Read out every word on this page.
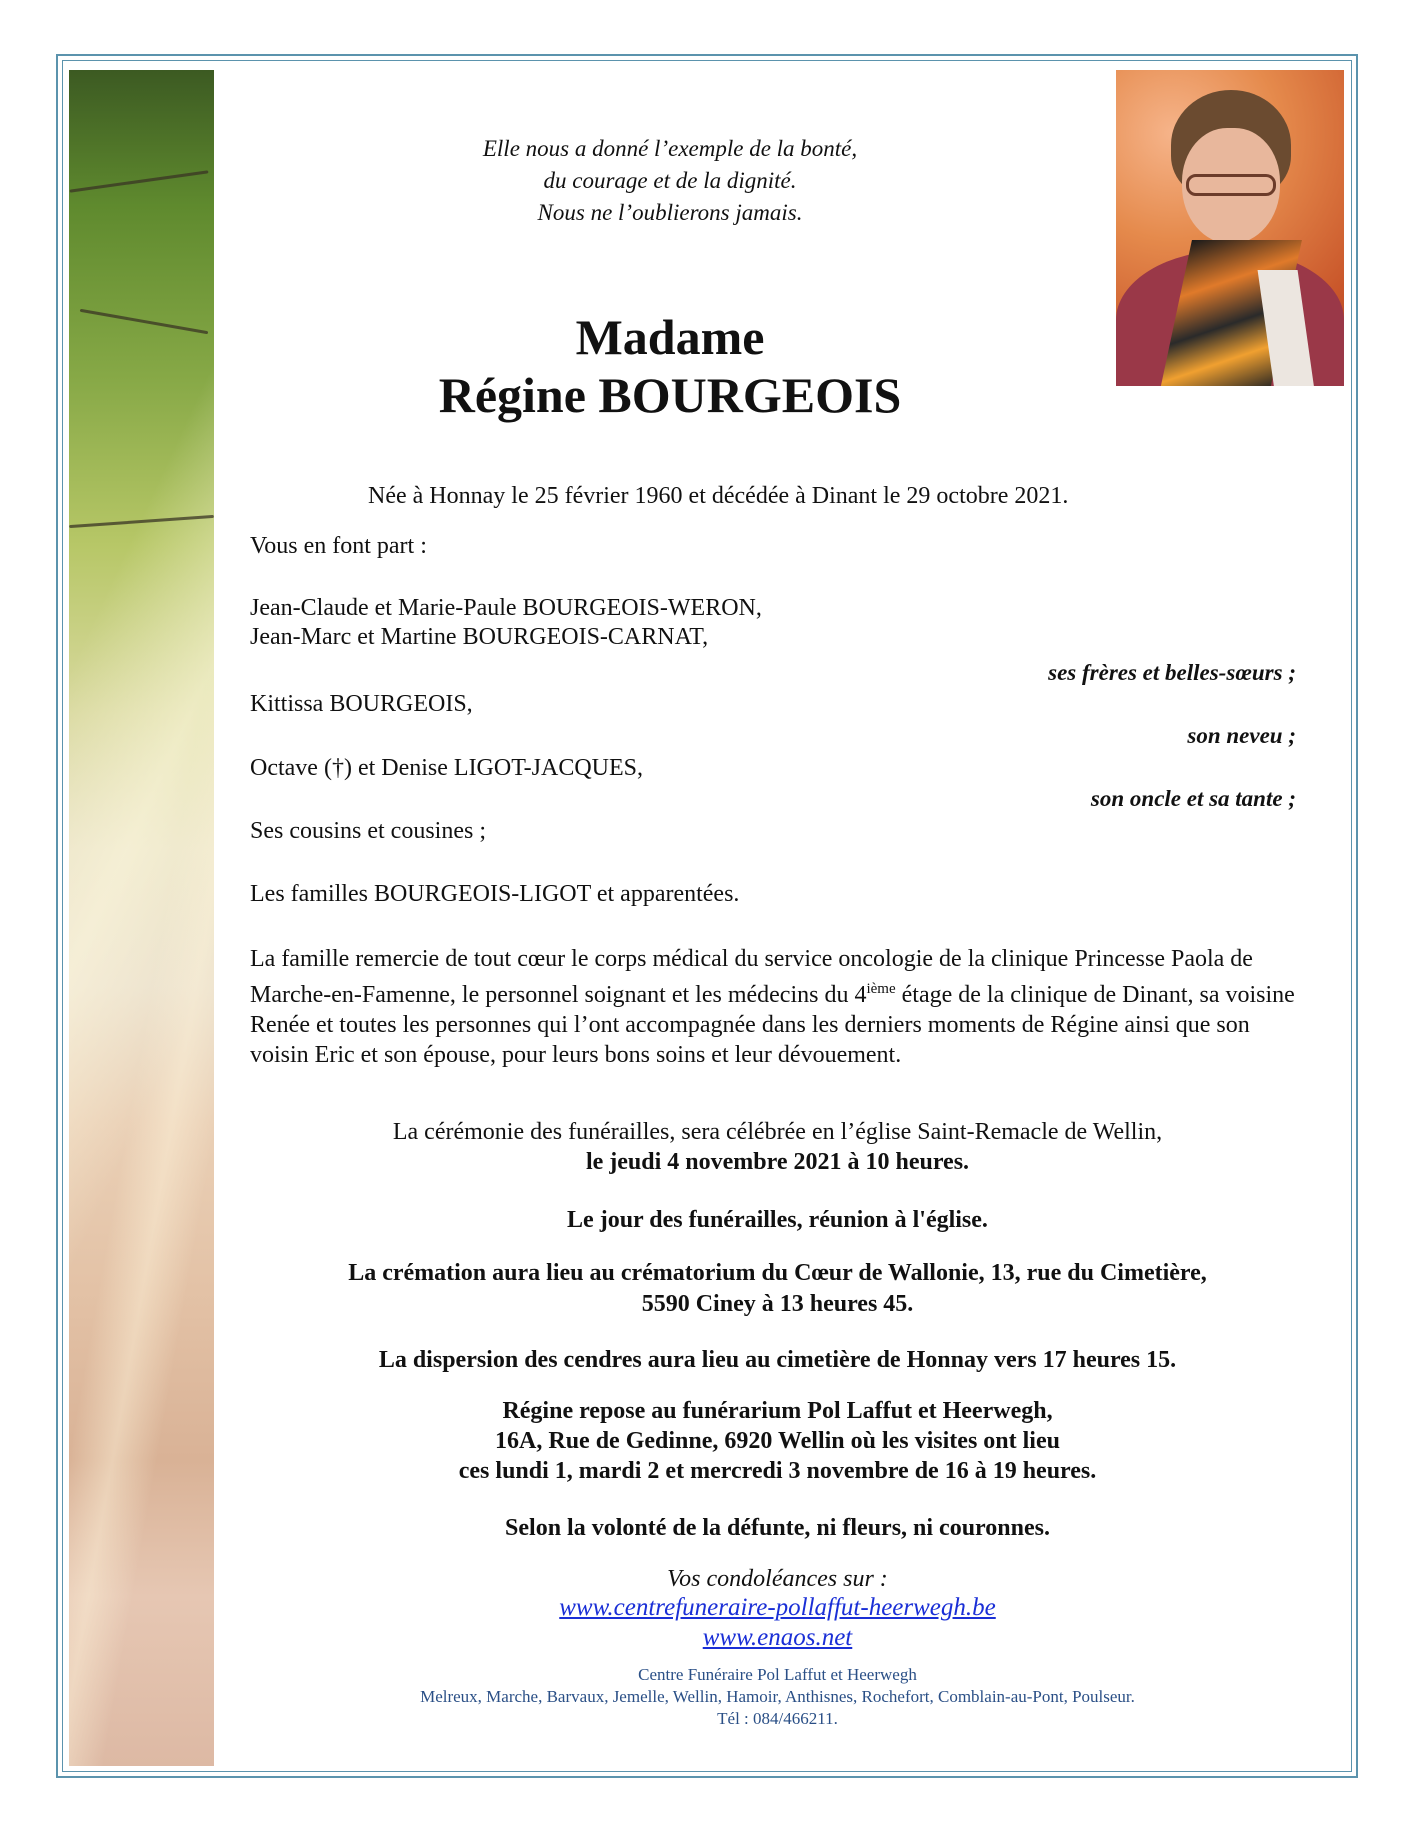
Elle nous a donné l’exemple de la bonté,
du courage et de la dignité.
Nous ne l’oublierons jamais.
Madame
Régine BOURGEOIS
Née à Honnay le 25 février 1960 et décédée à Dinant le 29 octobre 2021.
Vous en font part :
Jean-Claude et Marie-Paule BOURGEOIS-WERON,
Jean-Marc et Martine BOURGEOIS-CARNAT,
ses frères et belles-sœurs ;
Kittissa BOURGEOIS,
son neveu ;
Octave (†) et Denise LIGOT-JACQUES,
son oncle et sa tante ;
Ses cousins et cousines ;
Les familles BOURGEOIS-LIGOT et apparentées.
La famille remercie de tout cœur le corps médical du service oncologie de la clinique Princesse Paola de Marche-en-Famenne, le personnel soignant et les médecins du 4ième étage de la clinique de Dinant, sa voisine Renée et toutes les personnes qui l’ont accompagnée dans les derniers moments de Régine ainsi que son voisin Eric et son épouse, pour leurs bons soins et leur dévouement.
La cérémonie des funérailles, sera célébrée en l’église Saint-Remacle de Wellin,
le jeudi 4 novembre 2021 à 10 heures.
Le jour des funérailles, réunion à l'église.
La crémation aura lieu au crématorium du Cœur de Wallonie, 13, rue du Cimetière,
5590 Ciney à 13 heures 45.
La dispersion des cendres aura lieu au cimetière de Honnay vers 17 heures 15.
Régine repose au funérarium Pol Laffut et Heerwegh,
16A, Rue de Gedinne, 6920 Wellin où les visites ont lieu
ces lundi 1, mardi 2 et mercredi 3 novembre de 16 à 19 heures.
Selon la volonté de la défunte, ni fleurs, ni couronnes.
Vos condoléances sur :
www.centrefuneraire-pollaffut-heerwegh.be
www.enaos.net
Centre Funéraire Pol Laffut et Heerwegh
Melreux, Marche, Barvaux, Jemelle, Wellin, Hamoir, Anthisnes, Rochefort, Comblain-au-Pont, Poulseur.
Tél : 084/466211.
